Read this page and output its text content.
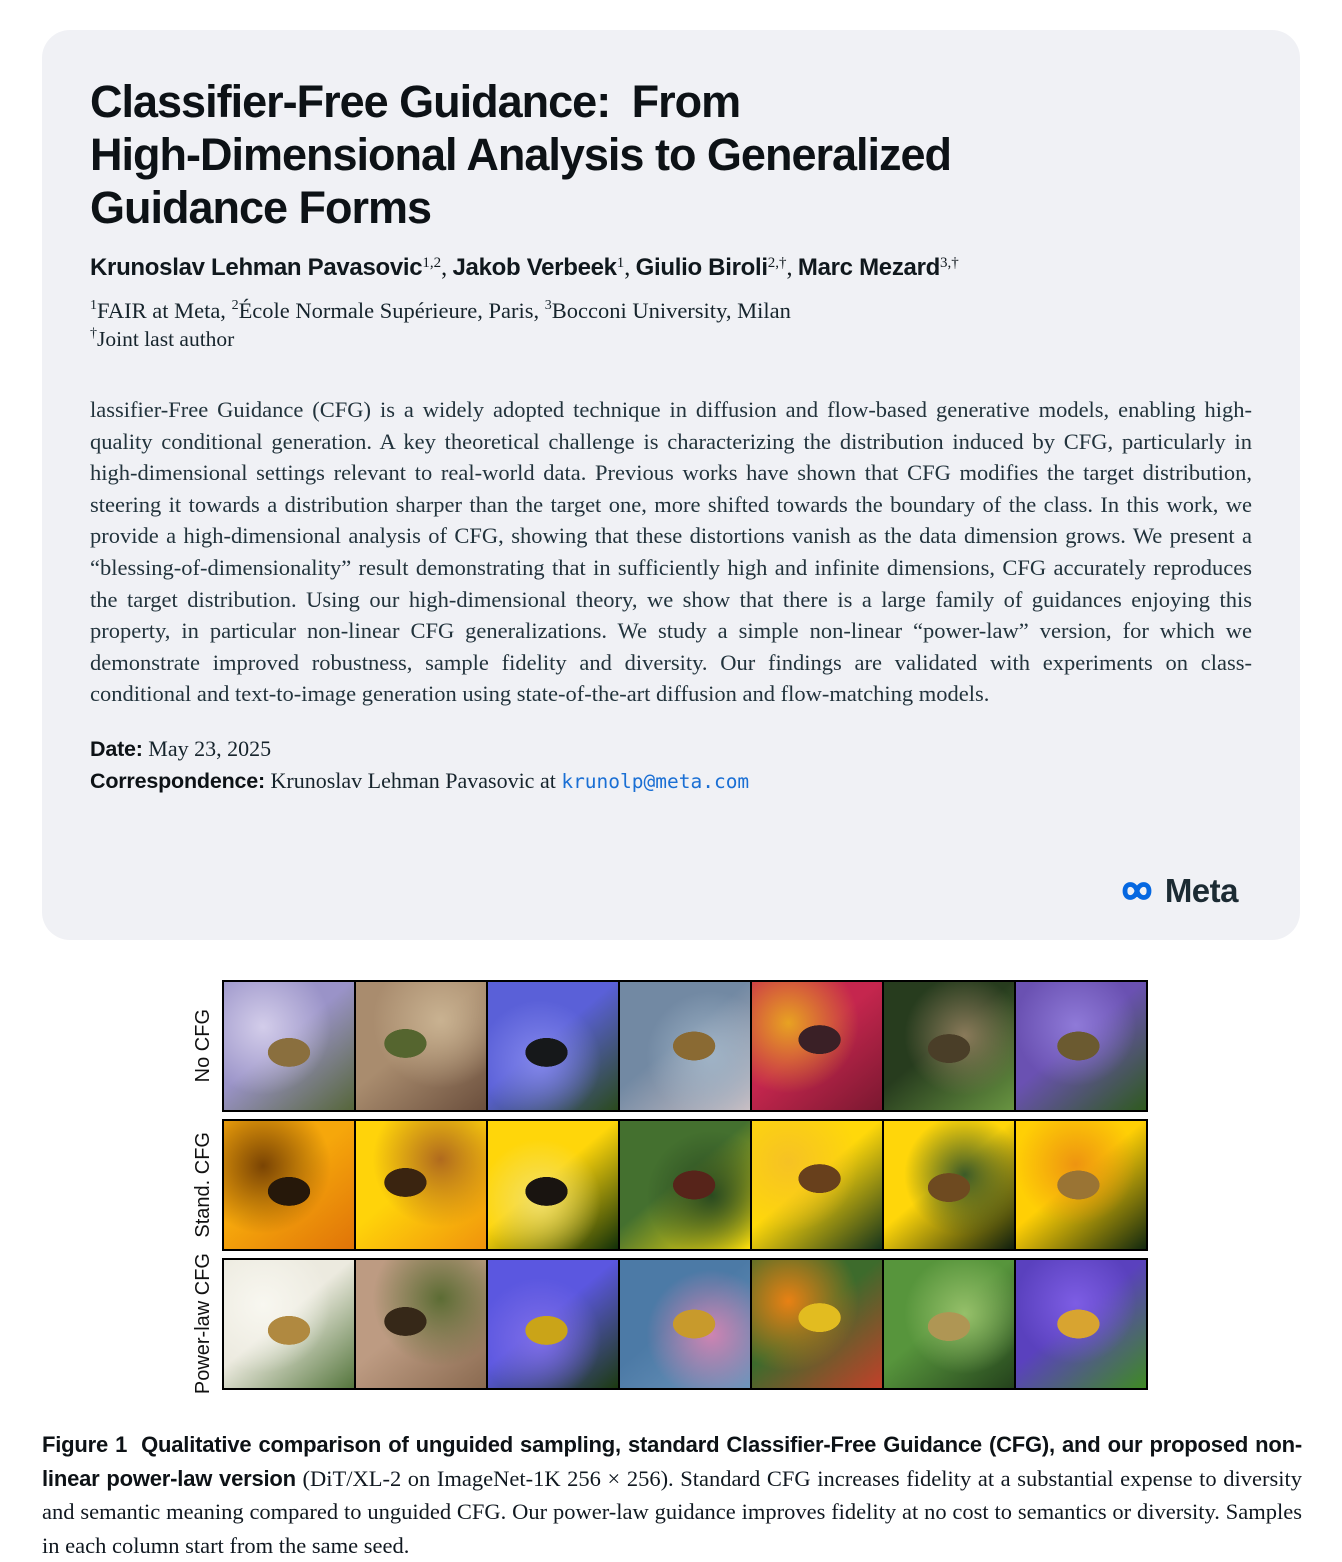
Classifier-Free Guidance: From
High-Dimensional Analysis to Generalized
Guidance Forms
Krunoslav Lehman Pavasovic$^{1,2}$, Jakob Verbeek$^1$, Giulio Biroli$^{2,\dagger}$, Marc Mezard$^{3,\dagger}$
$^1$FAIR at Meta, $^2$École Normale Supérieure, Paris, $^3$Bocconi University, Milan
†Joint last author

lassifier-Free Guidance (CFG) is a widely adopted technique in diffusion and flow-based generative models, enabling high-quality conditional generation. A key theoretical challenge is characterizing the distribution induced by CFG, particularly in high-dimensional settings relevant to real-world data. Previous works have shown that CFG modifies the target distribution, steering it towards a distribution sharper than the target one, more shifted towards the boundary of the class. In this work, we provide a high-dimensional analysis of CFG, showing that these distortions vanish as the data dimension grows. We present a “blessing-of-dimensionality” result demonstrating that in sufficiently high and infinite dimensions, CFG accurately reproduces the target distribution. Using our high-dimensional theory, we show that there is a large family of guidances enjoying this property, in particular non-linear CFG generalizations. We study a simple non-linear “power-law” version, for which we demonstrate improved robustness, sample fidelity and diversity. Our findings are validated with experiments on class-conditional and text-to-image generation using state-of-the-art diffusion and flow-matching models.

Date: May 23, 2025
Correspondence: Krunoslav Lehman Pavasovic at krunolp@meta.com
Meta
No CFG
Stand. CFG
Power-law CFG
Figure 1 Qualitative comparison of unguided sampling, standard Classifier-Free Guidance (CFG), and our proposed non-linear power-law version (DiT/XL-2 on ImageNet-1K 256 × 256). Standard CFG increases fidelity at a substantial expense to diversity and semantic meaning compared to unguided CFG. Our power-law guidance improves fidelity at no cost to semantics or diversity. Samples in each column start from the same seed.
